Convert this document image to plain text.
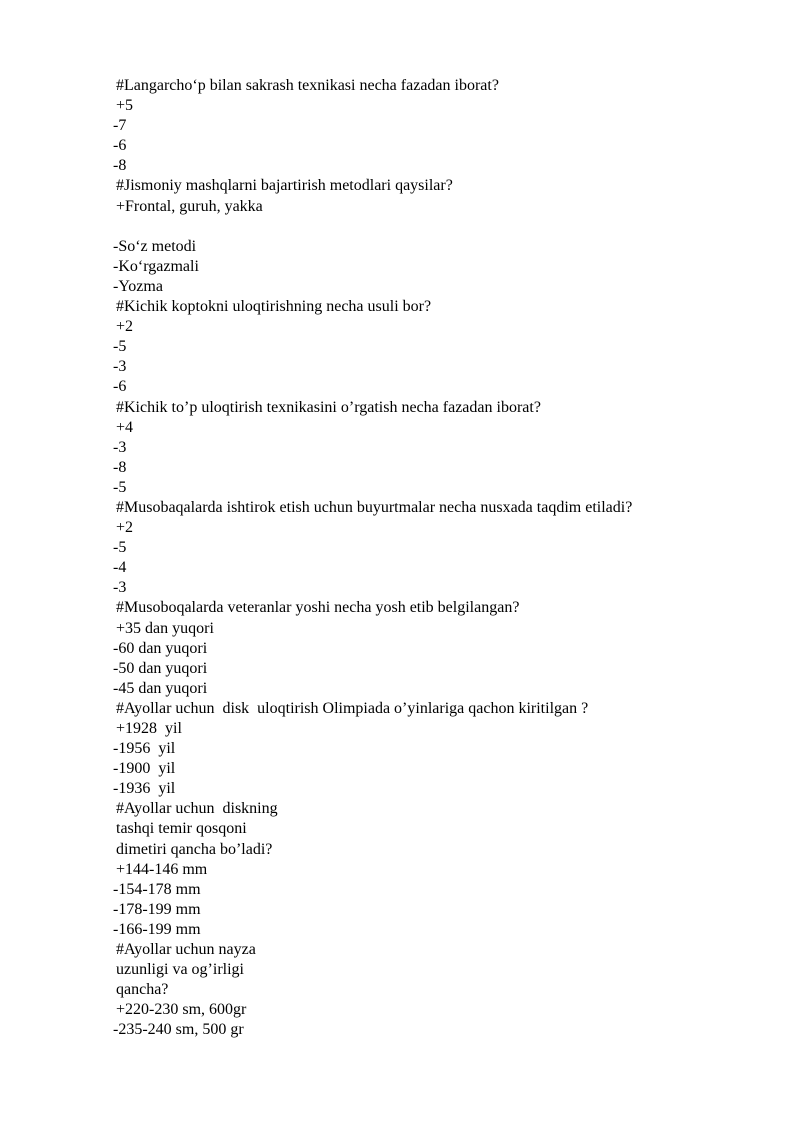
#Langarcho‘p bilan sakrash texnikasi necha fazadan iborat?
+5
-7
-6
-8
#Jismoniy mashqlarni bajartirish metodlari qaysilar?
+Frontal, guruh, yakka
-So‘z metodi
-Ko‘rgazmali
-Yozma
#Kichik koptokni uloqtirishning necha usuli bor?
+2
-5
-3
-6
#Kichik to’p uloqtirish texnikasini o’rgatish necha fazadan iborat?
+4
-3
-8
-5
#Musobaqalarda ishtirok etish uchun buyurtmalar necha nusxada taqdim etiladi?
+2
-5
-4
-3
#Musoboqalarda veteranlar yoshi necha yosh etib belgilangan?
+35 dan yuqori
-60 dan yuqori
-50 dan yuqori
-45 dan yuqori
#Ayollar uchun  disk  uloqtirish Olimpiada o’yinlariga qachon kiritilgan ?
+1928  yil
-1956  yil
-1900  yil
-1936  yil
#Ayollar uchun  diskning
tashqi temir qosqoni
dimetiri qancha bo’ladi?
+144-146 mm
-154-178 mm
-178-199 mm
-166-199 mm
#Ayollar uchun nayza
uzunligi va og’irligi
qancha?
+220-230 sm, 600gr
-235-240 sm, 500 gr
